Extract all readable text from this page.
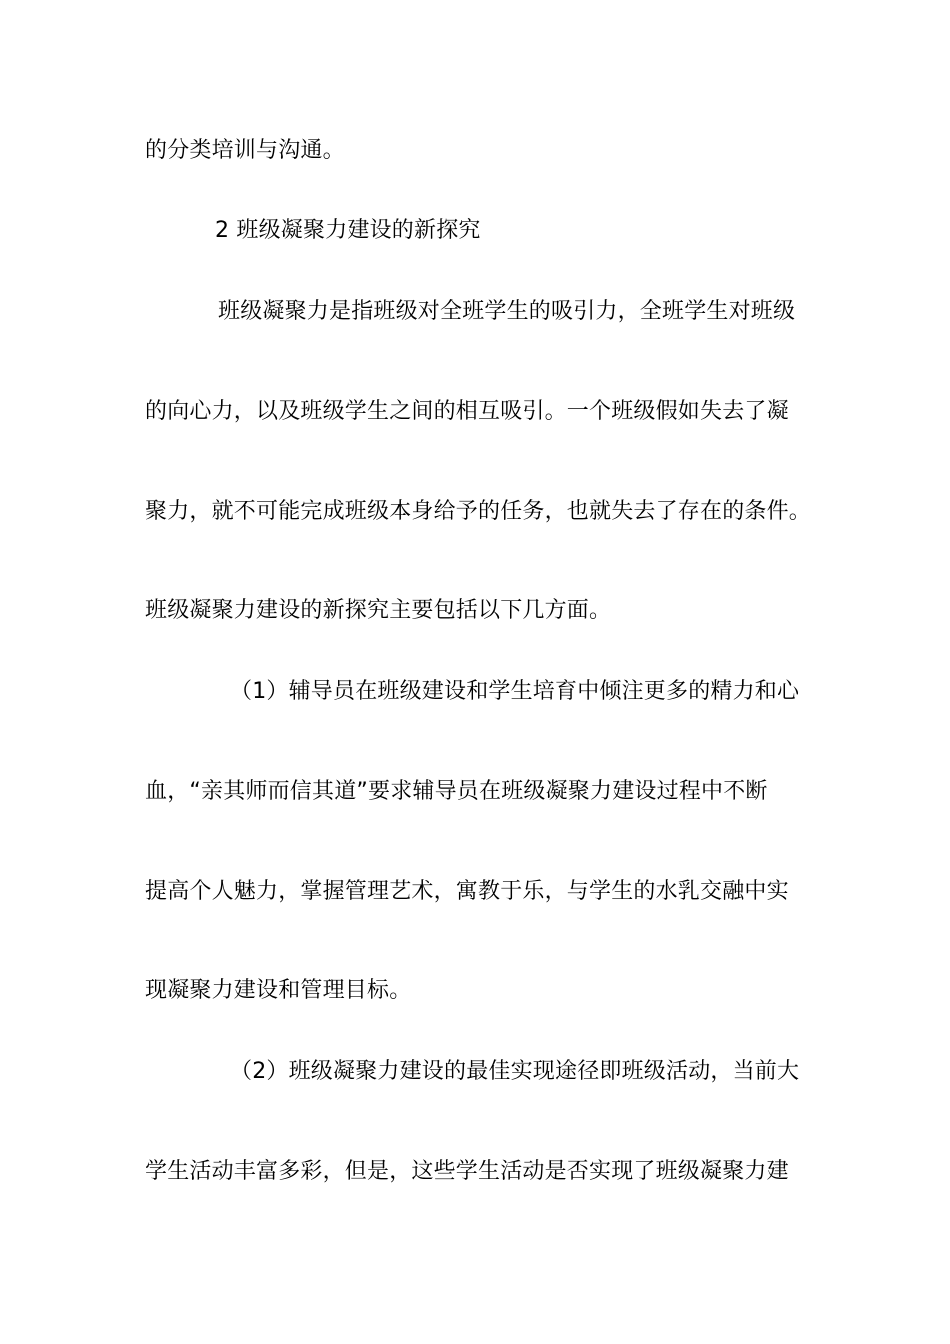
的分类培训与沟通。
2 班级凝聚力建设的新探究
班级凝聚力是指班级对全班学生的吸引力，全班学生对班级
的向心力，以及班级学生之间的相互吸引。一个班级假如失去了凝
聚力，就不可能完成班级本身给予的任务，也就失去了存在的条件。
班级凝聚力建设的新探究主要包括以下几方面。
（1）辅导员在班级建设和学生培育中倾注更多的精力和心
血，“亲其师而信其道”要求辅导员在班级凝聚力建设过程中不断
提高个人魅力，掌握管理艺术，寓教于乐，与学生的水乳交融中实
现凝聚力建设和管理目标。
（2）班级凝聚力建设的最佳实现途径即班级活动，当前大
学生活动丰富多彩，但是，这些学生活动是否实现了班级凝聚力建
